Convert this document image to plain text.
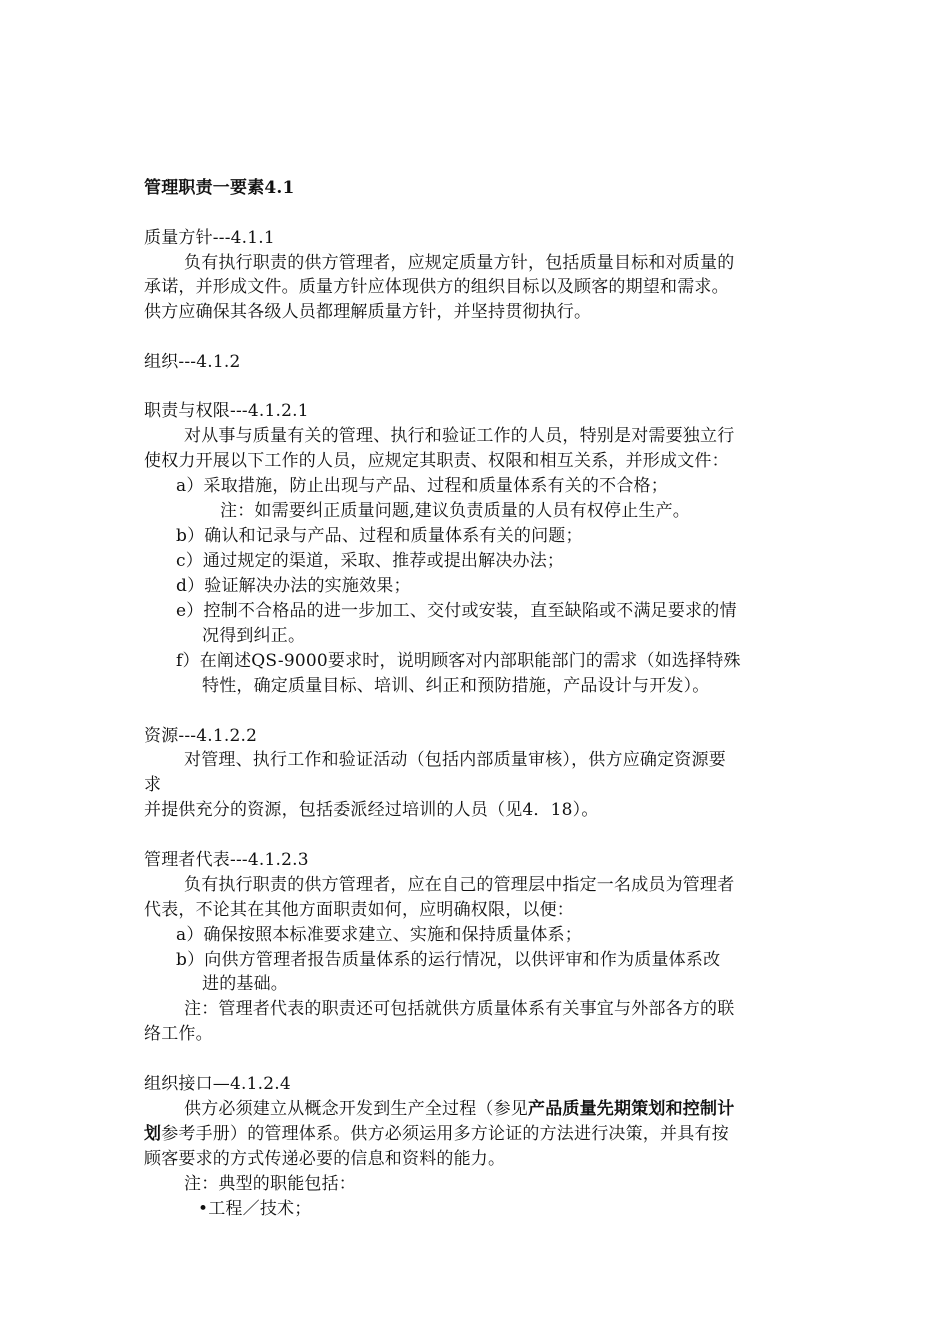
管理职责一要素4.1
质量方针---4.1.1
负有执行职责的供方管理者，应规定质量方针，包括质量目标和对质量的
承诺，并形成文件。质量方针应体现供方的组织目标以及顾客的期望和需求。
供方应确保其各级人员都理解质量方针，并坚持贯彻执行。
组织---4.1.2
职责与权限---4.1.2.1
对从事与质量有关的管理、执行和验证工作的人员，特别是对需要独立行
使权力开展以下工作的人员，应规定其职责、权限和相互关系，并形成文件：
a）采取措施，防止出现与产品、过程和质量体系有关的不合格；
注：如需要纠正质量问题,建议负责质量的人员有权停止生产。
b）确认和记录与产品、过程和质量体系有关的问题；
c）通过规定的渠道，采取、推荐或提出解决办法；
d）验证解决办法的实施效果；
e）控制不合格品的进一步加工、交付或安装，直至缺陷或不满足要求的情
况得到纠正。
f）在阐述QS-9000要求时，说明顾客对内部职能部门的需求（如选择特殊
特性，确定质量目标、培训、纠正和预防措施，产品设计与开发）。
资源---4.1.2.2
对管理、执行工作和验证活动（包括内部质量审核），供方应确定资源要
求
并提供充分的资源，包括委派经过培训的人员（见4．18）。
管理者代表---4.1.2.3
负有执行职责的供方管理者，应在自己的管理层中指定一名成员为管理者
代表，不论其在其他方面职责如何，应明确权限，以便：
a）确保按照本标准要求建立、实施和保持质量体系；
b）向供方管理者报告质量体系的运行情况，以供评审和作为质量体系改
进的基础。
注：管理者代表的职责还可包括就供方质量体系有关事宜与外部各方的联
络工作。
组织接口—4.1.2.4
供方必须建立从概念开发到生产全过程（参见产品质量先期策划和控制计
划参考手册）的管理体系。供方必须运用多方论证的方法进行决策，并具有按
顾客要求的方式传递必要的信息和资料的能力。
注：典型的职能包括：
•工程／技术；
